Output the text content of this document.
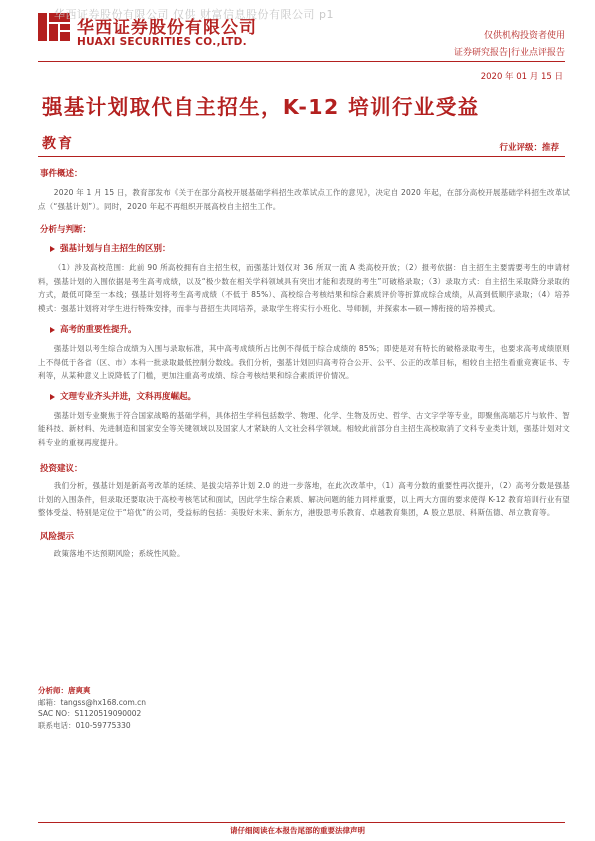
华西证券股份有限公司 仅供 财富信息股份有限公司 p1
华西证券股份有限公司
HUAXI SECURITIES CO.,LTD.	仅供机构投资者使用
证券研究报告|行业点评报告
2020 年 01 月 15 日
强基计划取代自主招生，K-12 培训行业受益
教育	行业评级：推荐

事件概述：

2020 年 1 月 15 日，教育部发布《关于在部分高校开展基础学科招生改革试点工作的意见》，决定自 2020 年起，在部分高校开展基础学科招生改革试点（“强基计划”）。同时，2020 年起不再组织开展高校自主招生工作。

分析与判断：

强基计划与自主招生的区别：

（1）涉及高校范围：此前 90 所高校拥有自主招生权，而强基计划仅对 36 所双一流 A 类高校开放；（2）报考依据：自主招生主要需要考生的申请材料，强基计划的入围依据是考生高考成绩，以及“极少数在相关学科领域具有突出才能和表现的考生”可破格录取；（3）录取方式：自主招生采取降分录取的方式，最低可降至一本线；强基计划将考生高考成绩（不低于 85%）、高校综合考核结果和综合素质评价等折算成综合成绩，从高到低顺序录取；（4）培养模式：强基计划将对学生进行特殊安排，而非与普招生共同培养，录取学生将实行小班化、导师制，并探索本—硕—博衔接的培养模式。

高考的重要性提升。

强基计划以考生综合成绩为入围与录取标准，其中高考成绩所占比例不得低于综合成绩的 85%；即使是对有特长的破格录取考生，也要求高考成绩原则上不得低于各省（区、市）本科一批录取最低控制分数线。我们分析，强基计划回归高考符合公开、公平、公正的改革目标，相较自主招生看重竞赛证书、专利等，从某种意义上说降低了门槛，更加注重高考成绩、综合考核结果和综合素质评价情况。

文理专业齐头并进，文科再度崛起。

强基计划专业聚焦于符合国家战略的基础学科，具体招生学科包括数学、物理、化学、生物及历史、哲学、古文字学等专业，即聚焦高端芯片与软件、智能科技、新材料、先进制造和国家安全等关键领域以及国家人才紧缺的人文社会科学领域。相较此前部分自主招生高校取消了文科专业类计划，强基计划对文科专业的重视再度提升。

投资建议：

我们分析，强基计划是新高考改革的延续、是拔尖培养计划 2.0 的进一步落地，在此次改革中，（1）高考分数的重要性再次提升，（2）高考分数是强基计划的入围条件，但录取还要取决于高校考核笔试和面试，因此学生综合素质、解决问题的能力同样重要，以上两大方面的要求使得 K-12 教育培训行业有望整体受益、特别是定位于“培优”的公司，受益标的包括：美股好未来、新东方，港股思考乐教育、卓越教育集团，A 股立思辰、科斯伍德、昂立教育等。

风险提示

政策落地不达预期风险；系统性风险。

分析师：唐爽爽
邮箱：tangss@hx168.com.cn
SAC NO：S1120519090002
联系电话：010-59775330
请仔细阅读在本报告尾部的重要法律声明
